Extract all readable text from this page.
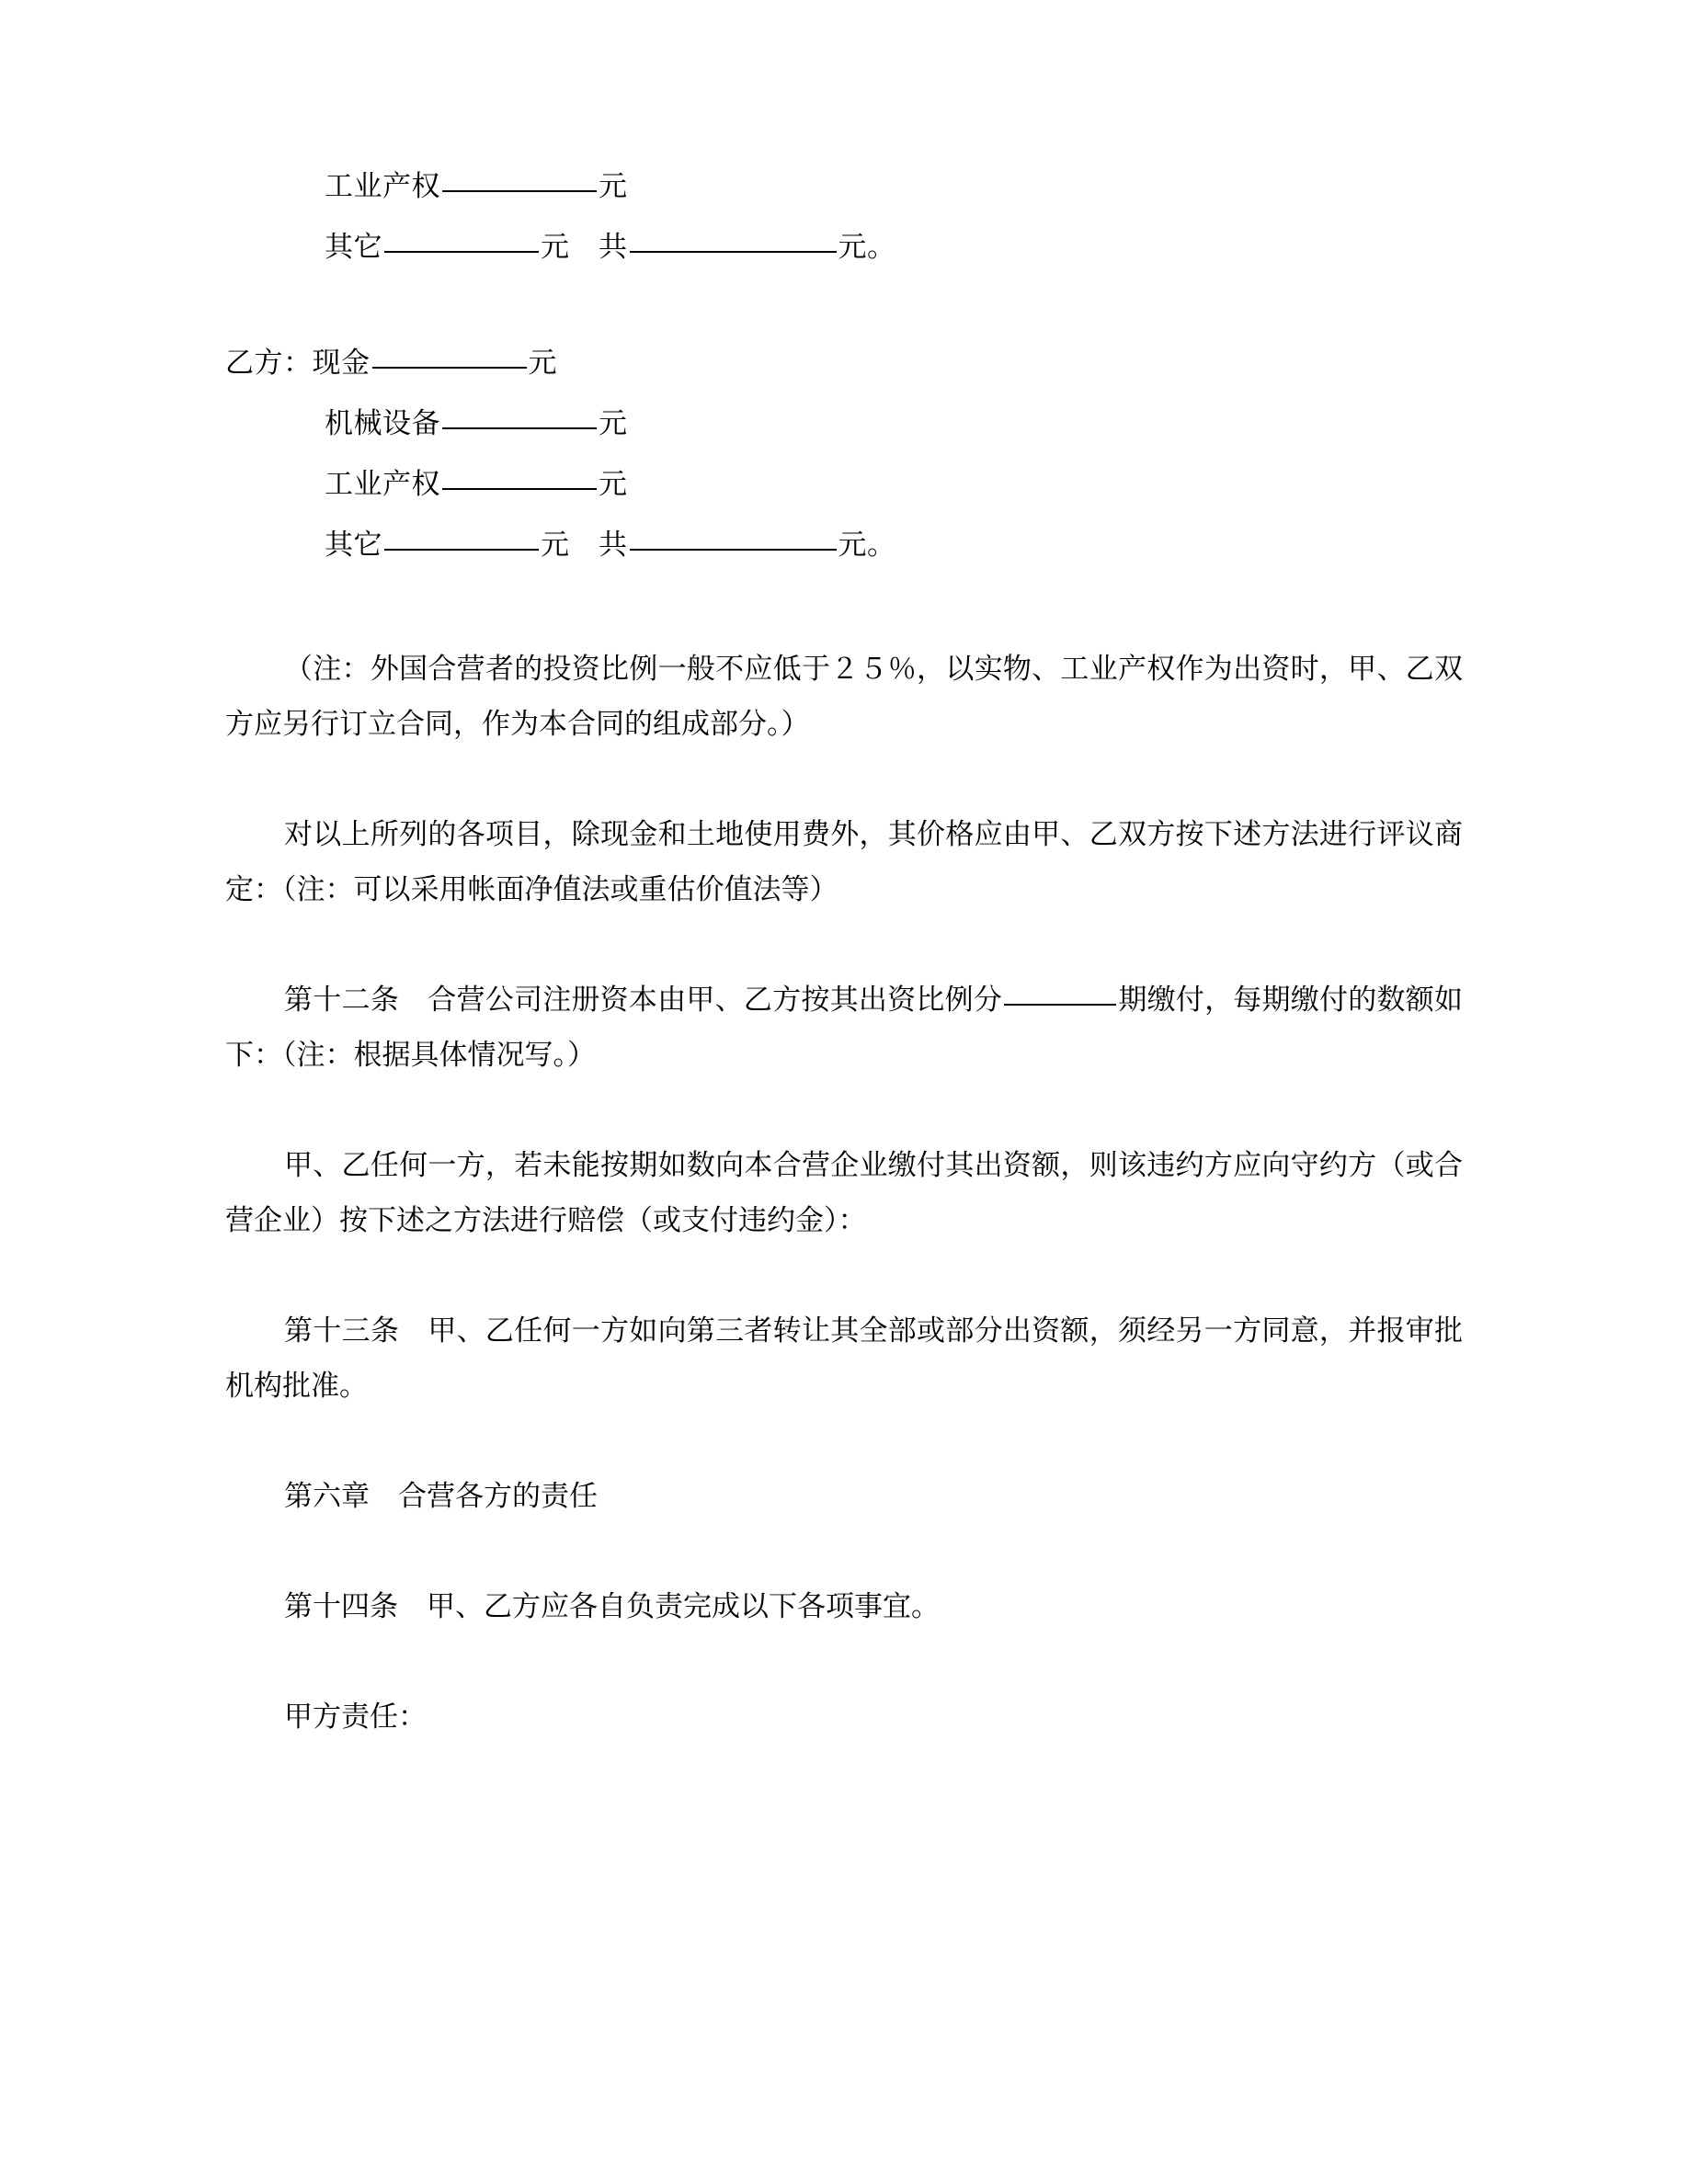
工业产权	元
其它	元　共	元。
乙方：现金	元
机械设备	元
工业产权	元
其它	元　共	元。

（注：外国合营者的投资比例一般不应低于２５％，以实物、工业产权作为出资时，甲、乙双方应另行订立合同，作为本合同的组成部分。）

对以上所列的各项目，除现金和土地使用费外，其价格应由甲、乙双方按下述方法进行评议商定：（注：可以采用帐面净值法或重估价值法等）

第十二条　合营公司注册资本由甲、乙方按其出资比例分	期缴付，每期缴付的数额如下：（注：根据具体情况写。）

甲、乙任何一方，若未能按期如数向本合营企业缴付其出资额，则该违约方应向守约方（或合营企业）按下述之方法进行赔偿（或支付违约金）：

第十三条　甲、乙任何一方如向第三者转让其全部或部分出资额，须经另一方同意，并报审批机构批准。

第六章　合营各方的责任

第十四条　甲、乙方应各自负责完成以下各项事宜。

甲方责任：
